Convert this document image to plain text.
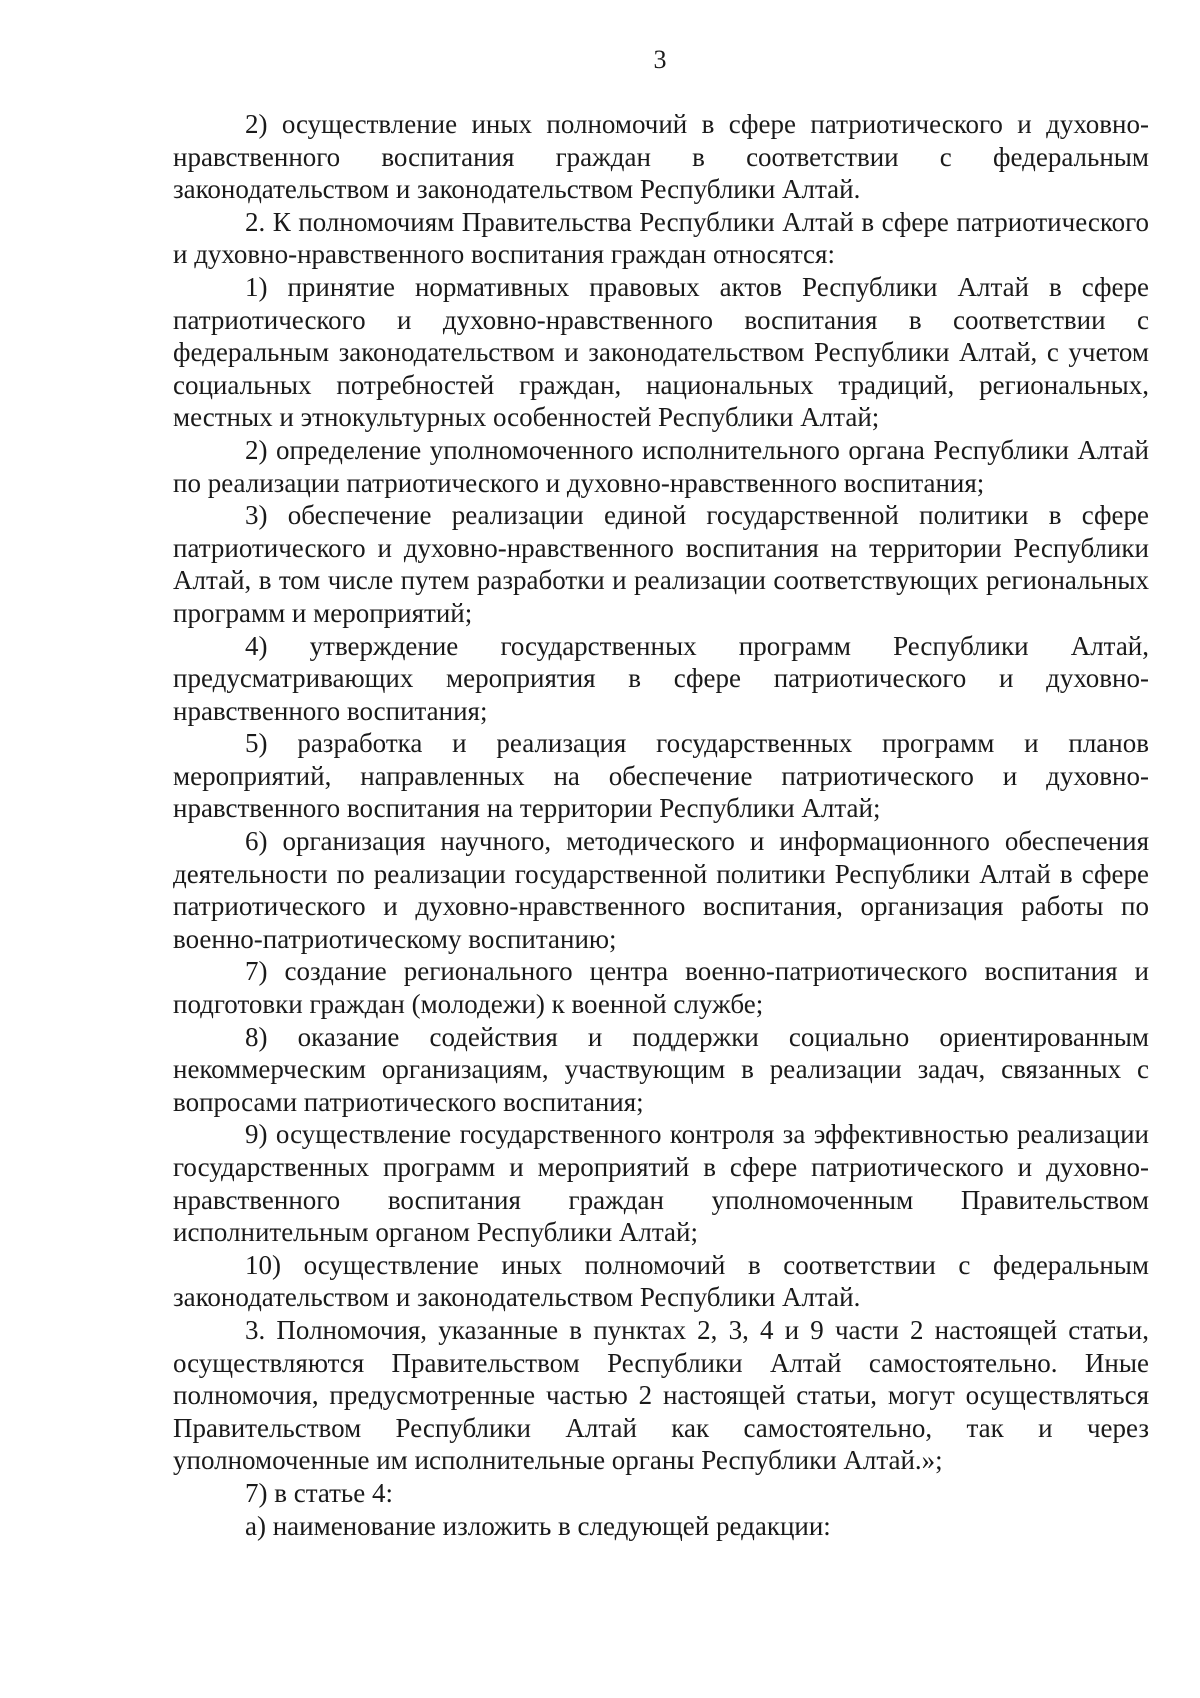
3

2) осуществление иных полномочий в сфере патриотического и духовно-нравственного воспитания граждан в соответствии с федеральным законодательством и законодательством Республики Алтай.

2. К полномочиям Правительства Республики Алтай в сфере патриотического и духовно-нравственного воспитания граждан относятся:

1) принятие нормативных правовых актов Республики Алтай в сфере патриотического и духовно-нравственного воспитания в соответствии с федеральным законодательством и законодательством Республики Алтай, с учетом социальных потребностей граждан, национальных традиций, региональных, местных и этнокультурных особенностей Республики Алтай;

2) определение уполномоченного исполнительного органа Республики Алтай по реализации патриотического и духовно-нравственного воспитания;

3) обеспечение реализации единой государственной политики в сфере патриотического и духовно-нравственного воспитания на территории Республики Алтай, в том числе путем разработки и реализации соответствующих региональных программ и мероприятий;

4) утверждение государственных программ Республики Алтай, предусматривающих мероприятия в сфере патриотического и духовно-нравственного воспитания;

5) разработка и реализация государственных программ и планов мероприятий, направленных на обеспечение патриотического и духовно-нравственного воспитания на территории Республики Алтай;

6) организация научного, методического и информационного обеспечения деятельности по реализации государственной политики Республики Алтай в сфере патриотического и духовно-нравственного воспитания, организация работы по военно-патриотическому воспитанию;

7) создание регионального центра военно-патриотического воспитания и подготовки граждан (молодежи) к военной службе;

8) оказание содействия и поддержки социально ориентированным некоммерческим организациям, участвующим в реализации задач, связанных с вопросами патриотического воспитания;

9) осуществление государственного контроля за эффективностью реализации государственных программ и мероприятий в сфере патриотического и духовно-нравственного воспитания граждан уполномоченным Правительством исполнительным органом Республики Алтай;

10) осуществление иных полномочий в соответствии с федеральным законодательством и законодательством Республики Алтай.

3. Полномочия, указанные в пунктах 2, 3, 4 и 9 части 2 настоящей статьи, осуществляются Правительством Республики Алтай самостоятельно. Иные полномочия, предусмотренные частью 2 настоящей статьи, могут осуществляться Правительством Республики Алтай как самостоятельно, так и через уполномоченные им исполнительные органы Республики Алтай.»;

7) в статье 4:

а) наименование изложить в следующей редакции:
